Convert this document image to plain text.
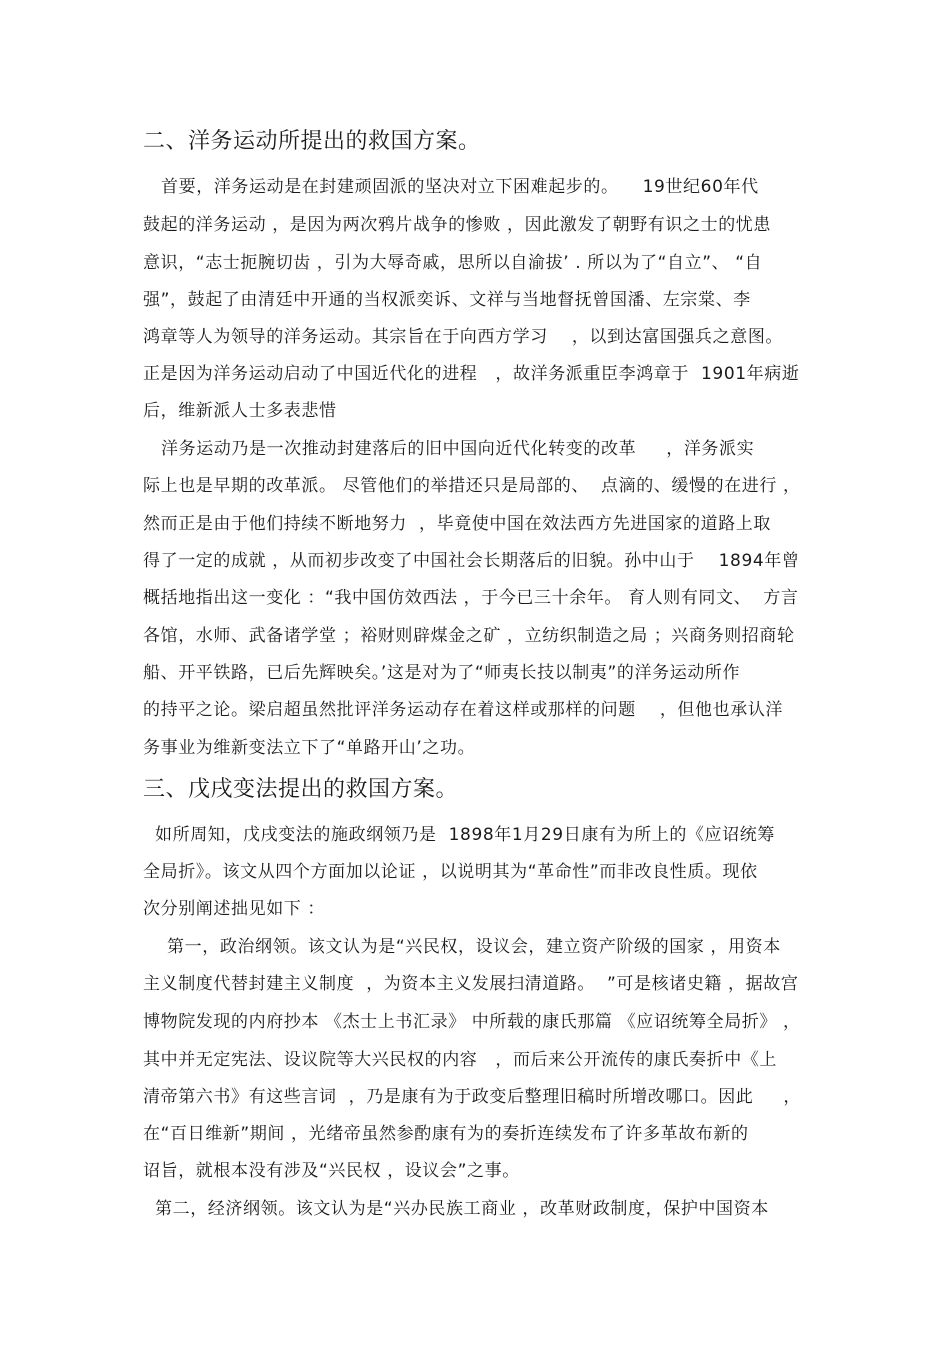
二、洋务运动所提出的救国方案。
首要，洋务运动是在封建顽固派的坚决对立下困难起步的。    19世纪60年代
鼓起的洋务运动 ，是因为两次鸦片战争的惨败 ，因此激发了朝野有识之士的忧患
意识，“志士扼腕切齿 ，引为大辱奇戚，思所以自渝拔’ . 所以为了“自立”、 “自
强”，鼓起了由清廷中开通的当权派奕诉、文祥与当地督抚曾国潘、左宗棠、李
鸿章等人为领导的洋务运动。其宗旨在于向西方学习    ，以到达富国强兵之意图。
正是因为洋务运动启动了中国近代化的进程   ，故洋务派重臣李鸿章于  1901年病逝
后，维新派人士多表悲惜
洋务运动乃是一次推动封建落后的旧中国向近代化转变的改革     ，洋务派实
际上也是早期的改革派。 尽管他们的举措还只是局部的、  点滴的、缓慢的在进行 ，
然而正是由于他们持续不断地努力  ，毕竟使中国在效法西方先进国家的道路上取
得了一定的成就 ，从而初步改变了中国社会长期落后的旧貌。孙中山于    1894年曾
概括地指出这一变化 ：“我中国仿效西法 ，于今已三十余年。 育人则有同文、  方言
各馆，水师、武备诸学堂 ；裕财则辟煤金之矿 ，立纺织制造之局 ；兴商务则招商轮
船、开平铁路，已后先辉映矣。’这是对为了“师夷长技以制夷”的洋务运动所作
的持平之论。梁启超虽然批评洋务运动存在着这样或那样的问题    ，但他也承认洋
务事业为维新变法立下了“单路开山’之功。
三、戊戌变法提出的救国方案。
如所周知，戊戌变法的施政纲领乃是  1898年1月29日康有为所上的《应诏统筹
全局折》。该文从四个方面加以论证 ，以说明其为“革命性”而非改良性质。现依
次分别阐述拙见如下 ：
第一，政治纲领。该文认为是“兴民权，设议会，建立资产阶级的国家 ，用资本
主义制度代替封建主义制度  ，为资本主义发展扫清道路。  ”可是核诸史籍 ，据故宫
博物院发现的内府抄本 《杰士上书汇录》 中所载的康氏那篇 《应诏统筹全局折》 ，
其中并无定宪法、设议院等大兴民权的内容   ，而后来公开流传的康氏奏折中《上
清帝第六书》有这些言词  ，乃是康有为于政变后整理旧稿时所增改哪口。因此     ，
在“百日维新”期间 ，光绪帝虽然参酌康有为的奏折连续发布了许多革故布新的
诏旨，就根本没有涉及“兴民权 ，设议会”之事。
第二，经济纲领。该文认为是“兴办民族工商业 ，改革财政制度，保护中国资本
